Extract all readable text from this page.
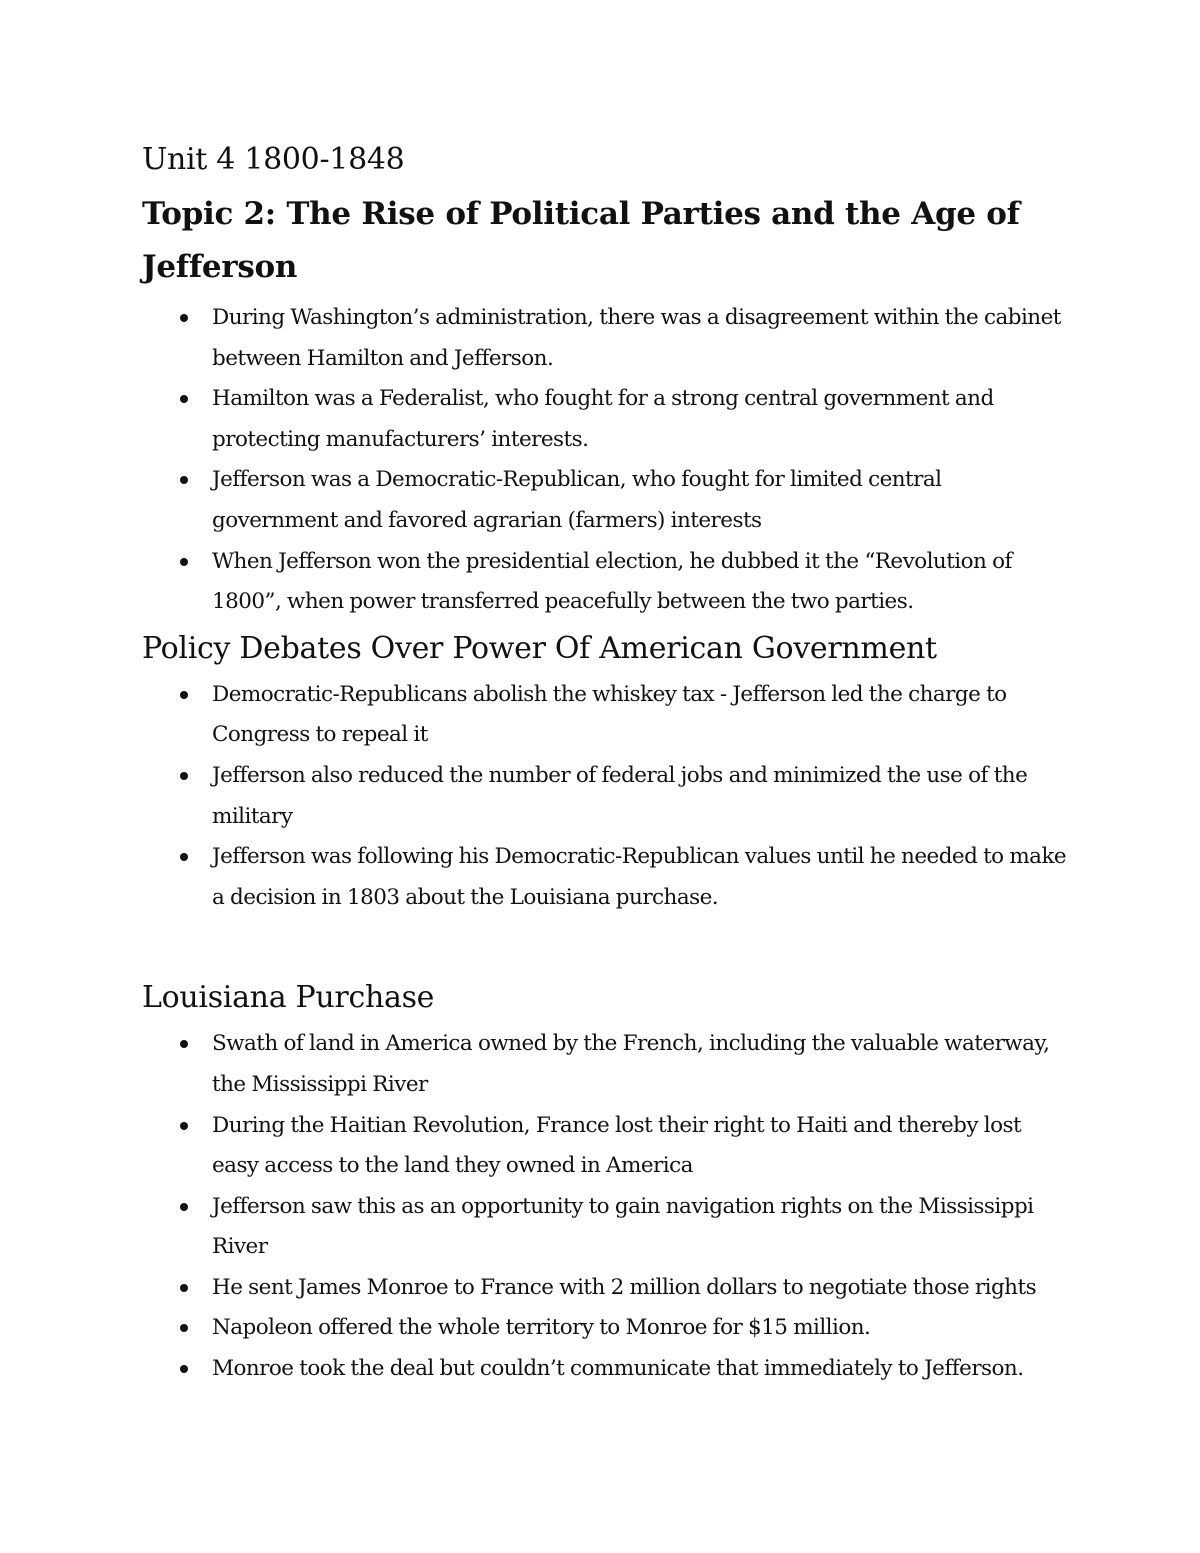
Unit 4 1800-1848
Topic 2: The Rise of Political Parties and the Age of Jefferson
During Washington’s administration, there was a disagreement within the cabinet between Hamilton and Jefferson.
Hamilton was a Federalist, who fought for a strong central government and protecting manufacturers’ interests.
Jefferson was a Democratic-Republican, who fought for limited central government and favored agrarian (farmers) interests
When Jefferson won the presidential election, he dubbed it the “Revolution of 1800”, when power transferred peacefully between the two parties.
Policy Debates Over Power Of American Government
Democratic-Republicans abolish the whiskey tax - Jefferson led the charge to Congress to repeal it
Jefferson also reduced the number of federal jobs and minimized the use of the military
Jefferson was following his Democratic-Republican values until he needed to make a decision in 1803 about the Louisiana purchase.
Louisiana Purchase
Swath of land in America owned by the French, including the valuable waterway, the Mississippi River
During the Haitian Revolution, France lost their right to Haiti and thereby lost easy access to the land they owned in America
Jefferson saw this as an opportunity to gain navigation rights on the Mississippi River
He sent James Monroe to France with 2 million dollars to negotiate those rights
Napoleon offered the whole territory to Monroe for $15 million.
Monroe took the deal but couldn’t communicate that immediately to Jefferson.
